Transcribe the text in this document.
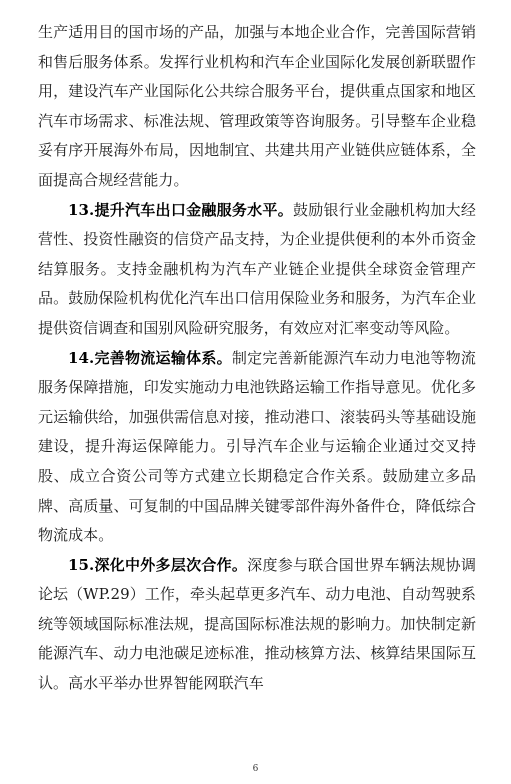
生产适用目的国市场的产品，加强与本地企业合作，完善国际营销和售后服务体系。发挥行业机构和汽车企业国际化发展创新联盟作用，建设汽车产业国际化公共综合服务平台，提供重点国家和地区汽车市场需求、标准法规、管理政策等咨询服务。引导整车企业稳妥有序开展海外布局，因地制宜、共建共用产业链供应链体系，全面提高合规经营能力。

13.提升汽车出口金融服务水平。鼓励银行业金融机构加大经营性、投资性融资的信贷产品支持，为企业提供便利的本外币资金结算服务。支持金融机构为汽车产业链企业提供全球资金管理产品。鼓励保险机构优化汽车出口信用保险业务和服务，为汽车企业提供资信调查和国别风险研究服务，有效应对汇率变动等风险。

14.完善物流运输体系。制定完善新能源汽车动力电池等物流服务保障措施，印发实施动力电池铁路运输工作指导意见。优化多元运输供给，加强供需信息对接，推动港口、滚装码头等基础设施建设，提升海运保障能力。引导汽车企业与运输企业通过交叉持股、成立合资公司等方式建立长期稳定合作关系。鼓励建立多品牌、高质量、可复制的中国品牌关键零部件海外备件仓，降低综合物流成本。

15.深化中外多层次合作。深度参与联合国世界车辆法规协调论坛（WP.29）工作，牵头起草更多汽车、动力电池、自动驾驶系统等领域国际标准法规，提高国际标准法规的影响力。加快制定新能源汽车、动力电池碳足迹标准，推动核算方法、核算结果国际互认。高水平举办世界智能网联汽车

6
